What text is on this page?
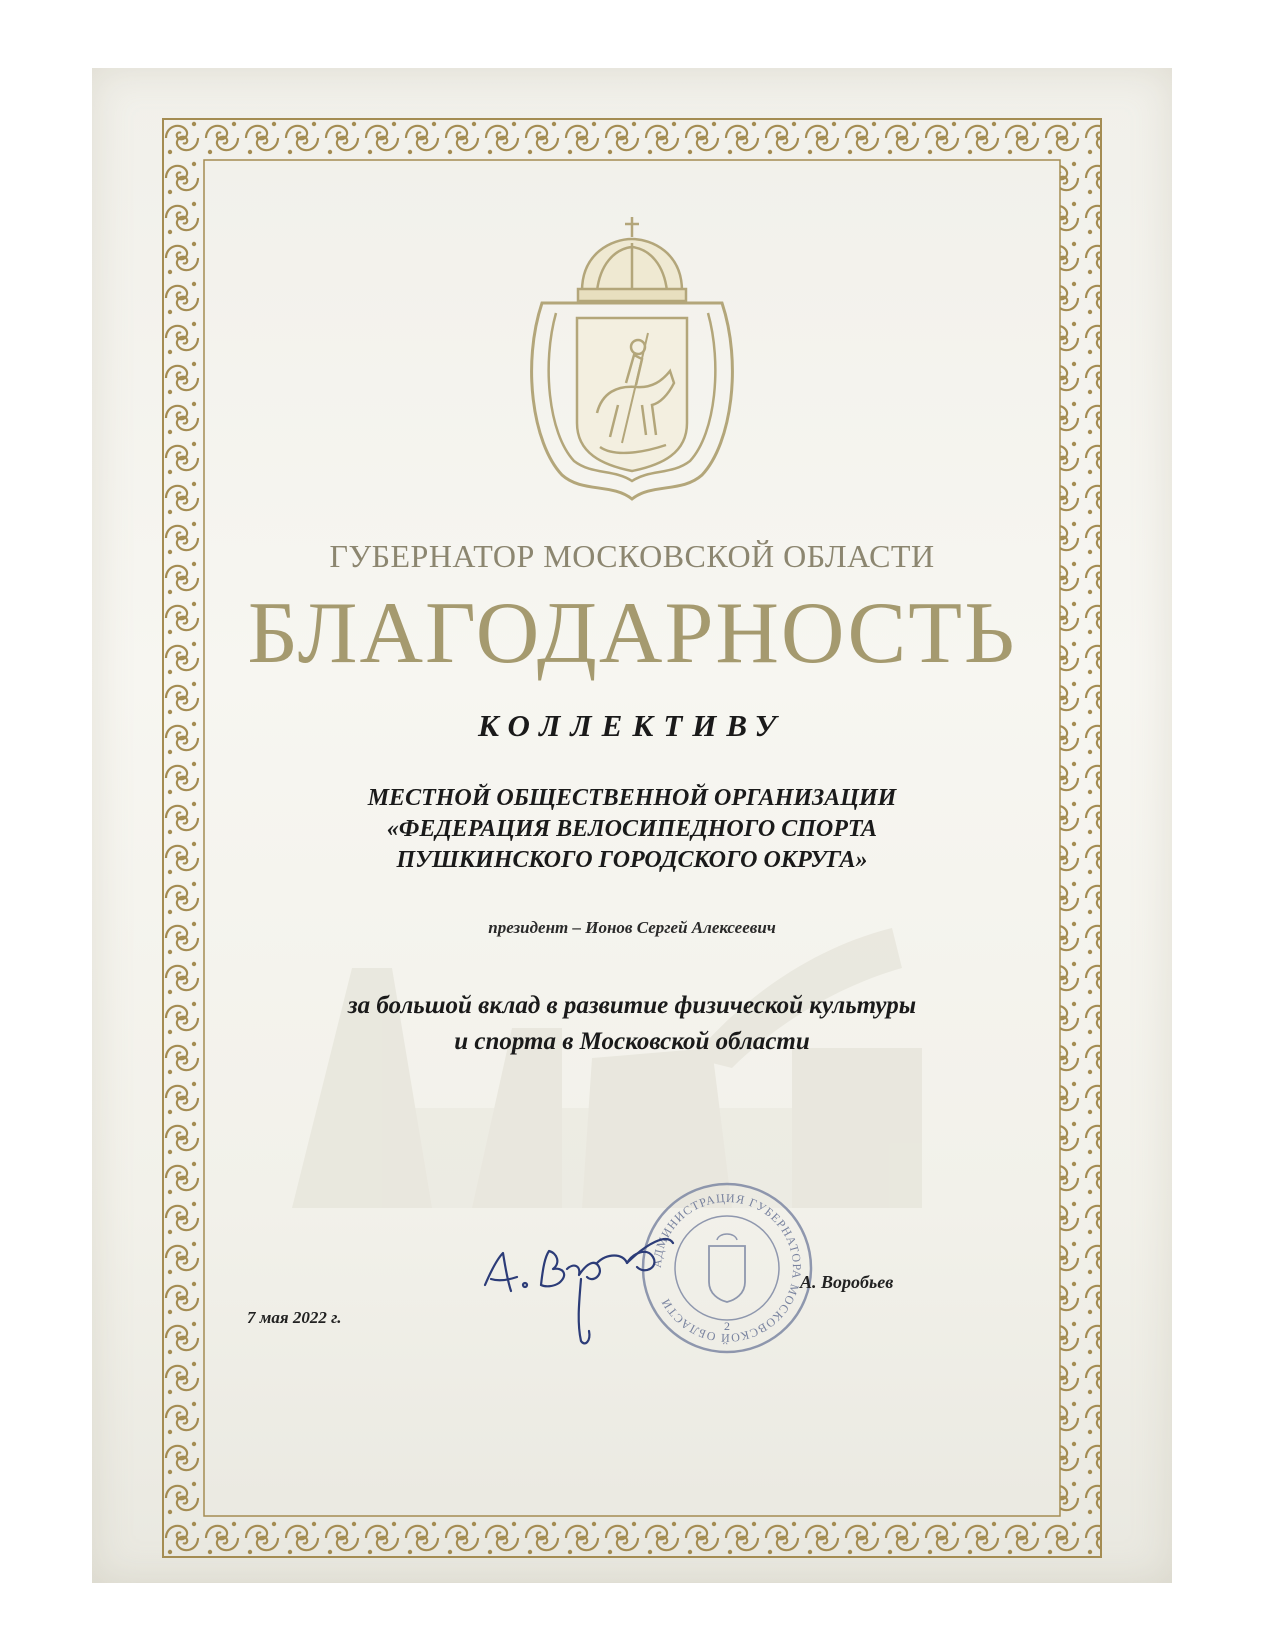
ГУБЕРНАТОР МОСКОВСКОЙ ОБЛАСТИ

БЛАГОДАРНОСТЬ

КОЛЛЕКТИВУ

МЕСТНОЙ ОБЩЕСТВЕННОЙ ОРГАНИЗАЦИИ
«ФЕДЕРАЦИЯ ВЕЛОСИПЕДНОГО СПОРТА
ПУШКИНСКОГО ГОРОДСКОГО ОКРУГА»

президент – Ионов Сергей Алексеевич

за большой вклад в развитие физической культуры
и спорта в Московской области
АДМИНИСТРАЦИЯ ГУБЕРНАТОРА МОСКОВСКОЙ ОБЛАСТИ
2
7 мая 2022 г.
А. Воробьев
